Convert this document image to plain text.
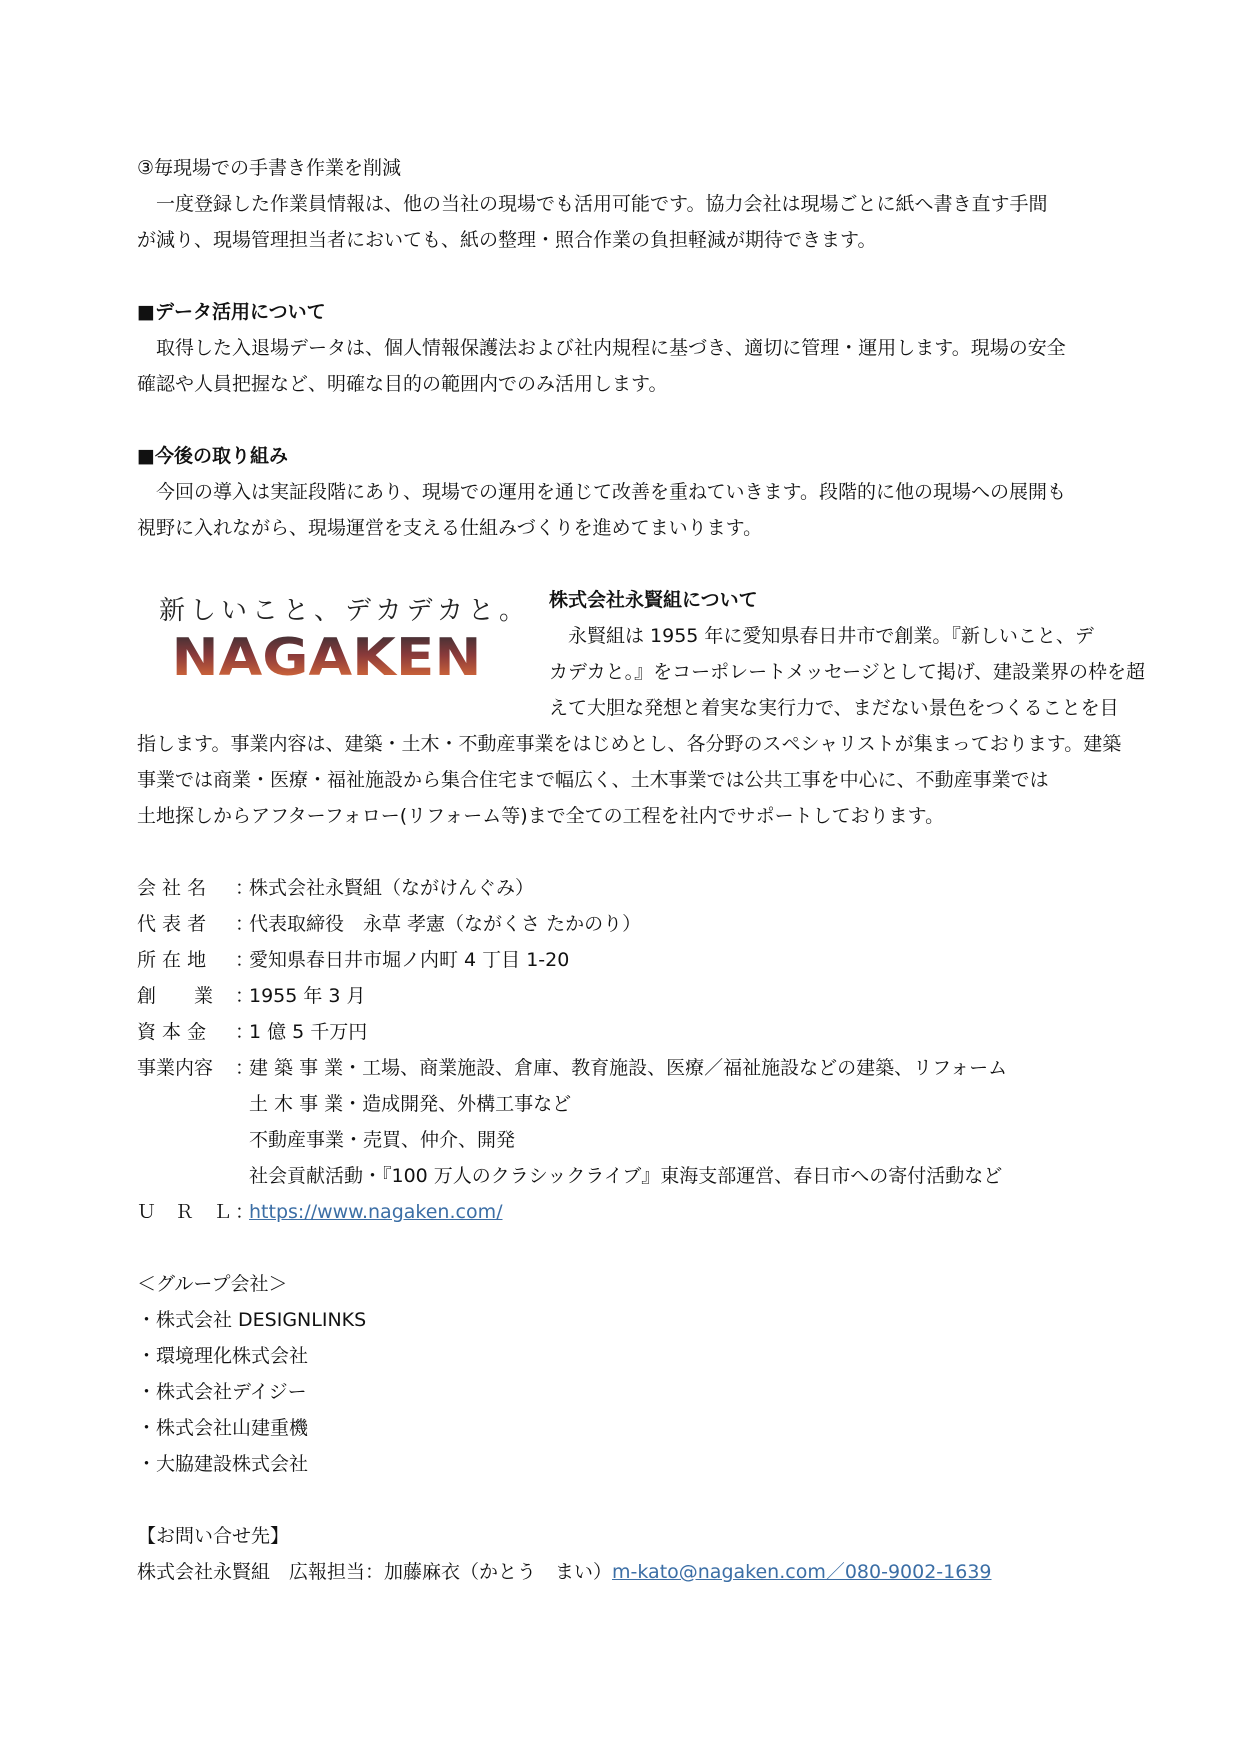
③毎現場での手書き作業を削減

　一度登録した作業員情報は、他の当社の現場でも活用可能です。協力会社は現場ごとに紙へ書き直す手間

が減り、現場管理担当者においても、紙の整理・照合作業の負担軽減が期待できます。

■データ活用について

　取得した入退場データは、個人情報保護法および社内規程に基づき、適切に管理・運用します。現場の安全

確認や人員把握など、明確な目的の範囲内でのみ活用します。

■今後の取り組み

　今回の導入は実証段階にあり、現場での運用を通じて改善を重ねていきます。段階的に他の現場への展開も

視野に入れながら、現場運営を支える仕組みづくりを進めてまいります。

新しいこと、デカデカと。
NAGAKEN

株式会社永賢組について

　永賢組は 1955 年に愛知県春日井市で創業。『新しいこと、デ

カデカと。』をコーポレートメッセージとして掲げ、建設業界の枠を超

えて大胆な発想と着実な実行力で、まだない景色をつくることを目

指します。事業内容は、建築・土木・不動産事業をはじめとし、各分野のスペシャリストが集まっております。建築

事業では商業・医療・福祉施設から集合住宅まで幅広く、土木事業では公共工事を中心に、不動産事業では

土地探しからアフターフォロー(リフォーム等)まで全ての工程を社内でサポートしております。

会 社 名	：
株式会社永賢組（ながけんぐみ）
代 表 者	：
代表取締役　永草 孝憲（ながくさ たかのり）
所 在 地	：
愛知県春日井市堀ノ内町 4 丁目 1-20
創　　業	：
1955 年 3 月
資 本 金	：
1 億 5 千万円
事業内容	：
建 築 事 業・工場、商業施設、倉庫、教育施設、医療／福祉施設などの建築、リフォーム
土 木 事 業・造成開発、外構工事など
不動産事業・売買、仲介、開発
社会貢献活動・『100 万人のクラシックライブ』東海支部運営、春日市への寄付活動など
Ｕ　Ｒ　Ｌ ：
https://www.nagaken.com/

＜グループ会社＞

・株式会社 DESIGNLINKS

・環境理化株式会社

・株式会社デイジー

・株式会社山建重機

・大脇建設株式会社

【お問い合せ先】

株式会社永賢組　広報担当：加藤麻衣（かとう　まい）m-kato@nagaken.com／080-9002-1639
